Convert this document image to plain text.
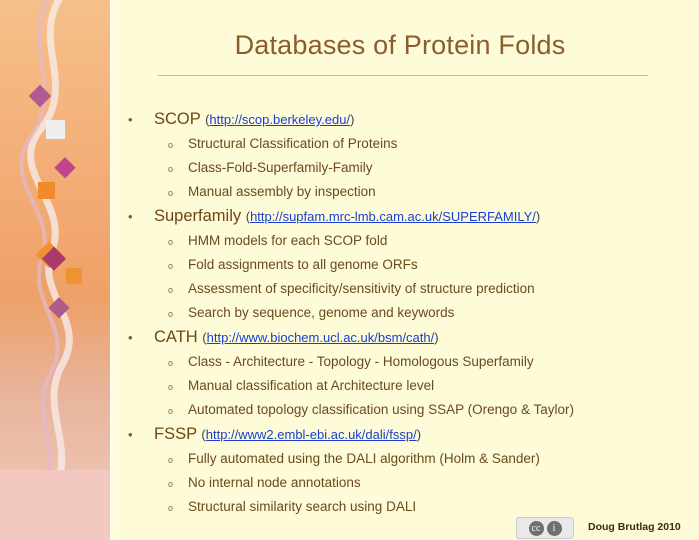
Databases of Protein Folds
•	SCOP (http://scop.berkeley.edu/)
o	Structural Classification of Proteins
o	Class-Fold-Superfamily-Family
o	Manual assembly by inspection
•	Superfamily (http://supfam.mrc-lmb.cam.ac.uk/SUPERFAMILY/)
o	HMM models for each SCOP fold
o	Fold assignments to all genome ORFs
o	Assessment of specificity/sensitivity of structure prediction
o	Search by sequence, genome and keywords
•	CATH (http://www.biochem.ucl.ac.uk/bsm/cath/)
o	Class - Architecture - Topology - Homologous Superfamily
o	Manual classification at Architecture level
o	Automated topology classification using SSAP (Orengo & Taylor)
•	FSSP (http://www2.embl-ebi.ac.uk/dali/fssp/)
o	Fully automated using the DALI algorithm (Holm & Sander)
o	No internal node annotations
o	Structural similarity search using DALI
cc	i	Doug Brutlag 2010
